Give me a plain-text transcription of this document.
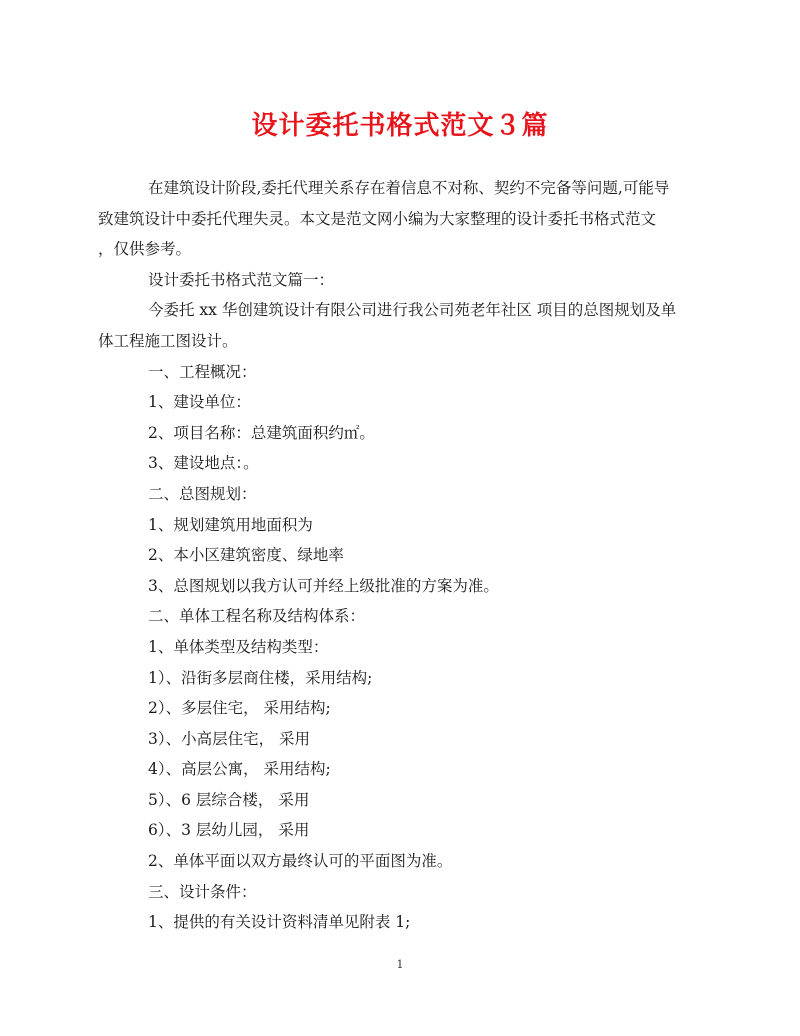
设计委托书格式范文３篇

在建筑设计阶段,委托代理关系存在着信息不对称、契约不完备等问题,可能导
致建筑设计中委托代理失灵。本文是范文网小编为大家整理的设计委托书格式范文
，仅供参考。

设计委托书格式范文篇一：

今委托 xx 华创建筑设计有限公司进行我公司苑老年社区 项目的总图规划及单
体工程施工图设计。

一、工程概况：

1、建设单位：

2、项目名称：总建筑面积约㎡。

3、建设地点：。

二、总图规划：

1、规划建筑用地面积为

2、本小区建筑密度、绿地率

3、总图规划以我方认可并经上级批准的方案为准。

二、单体工程名称及结构体系：

1、单体类型及结构类型：

1）、沿街多层商住楼，采用结构;

2）、多层住宅， 采用结构;

3）、小高层住宅， 采用

4）、高层公寓， 采用结构;

5）、6 层综合楼， 采用

6）、3 层幼儿园， 采用

2、单体平面以双方最终认可的平面图为准。

三、设计条件：

1、提供的有关设计资料清单见附表 1;

1
